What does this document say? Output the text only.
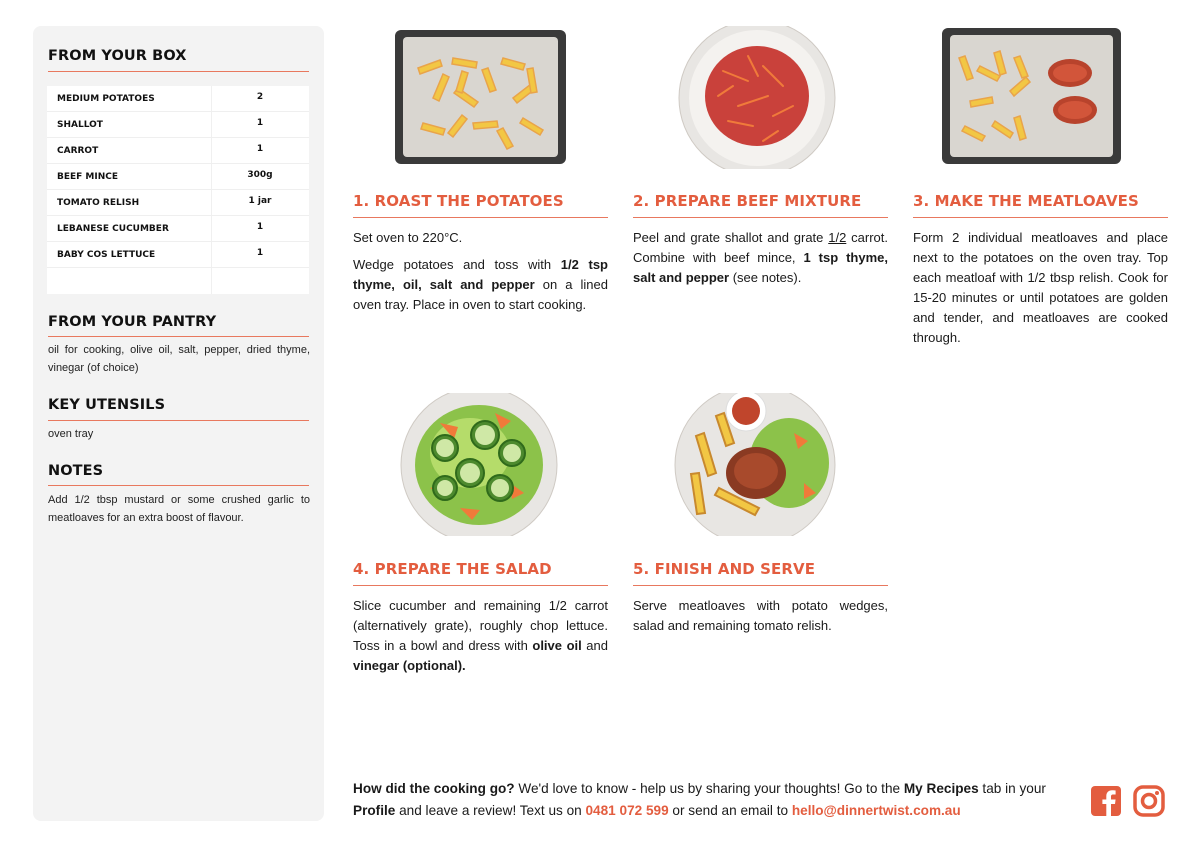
FROM YOUR BOX
MEDIUM POTATOES	2
SHALLOT	1
CARROT	1
BEEF MINCE	300g
TOMATO RELISH	1 jar
LEBANESE CUCUMBER	1
BABY COS LETTUCE	1
FROM YOUR PANTRY
oil for cooking, olive oil, salt, pepper, dried thyme, vinegar (of choice)
KEY UTENSILS
oven tray
NOTES
Add 1/2 tbsp mustard or some crushed garlic to meatloaves for an extra boost of flavour.
1. ROAST THE POTATOES

Set oven to 220°C.

Wedge potatoes and toss with 1/2 tsp thyme, oil, salt and pepper on a lined oven tray. Place in oven to start cooking.

2. PREPARE BEEF MIXTURE

Peel and grate shallot and grate 1/2 carrot. Combine with beef mince, 1 tsp thyme, salt and pepper (see notes).

3. MAKE THE MEATLOAVES

Form 2 individual meatloaves and place next to the potatoes on the oven tray. Top each meatloaf with 1/2 tbsp relish. Cook for 15-20 minutes or until potatoes are golden and tender, and meatloaves are cooked through.

4. PREPARE THE SALAD

Slice cucumber and remaining 1/2 carrot (alternatively grate), roughly chop lettuce. Toss in a bowl and dress with olive oil and vinegar (optional).

5. FINISH AND SERVE

Serve meatloaves with potato wedges, salad and remaining tomato relish.

How did the cooking go? We'd love to know - help us by sharing your thoughts! Go to the My Recipes tab in your Profile and leave a review! Text us on 0481 072 599 or send an email to hello@dinnertwist.com.au
